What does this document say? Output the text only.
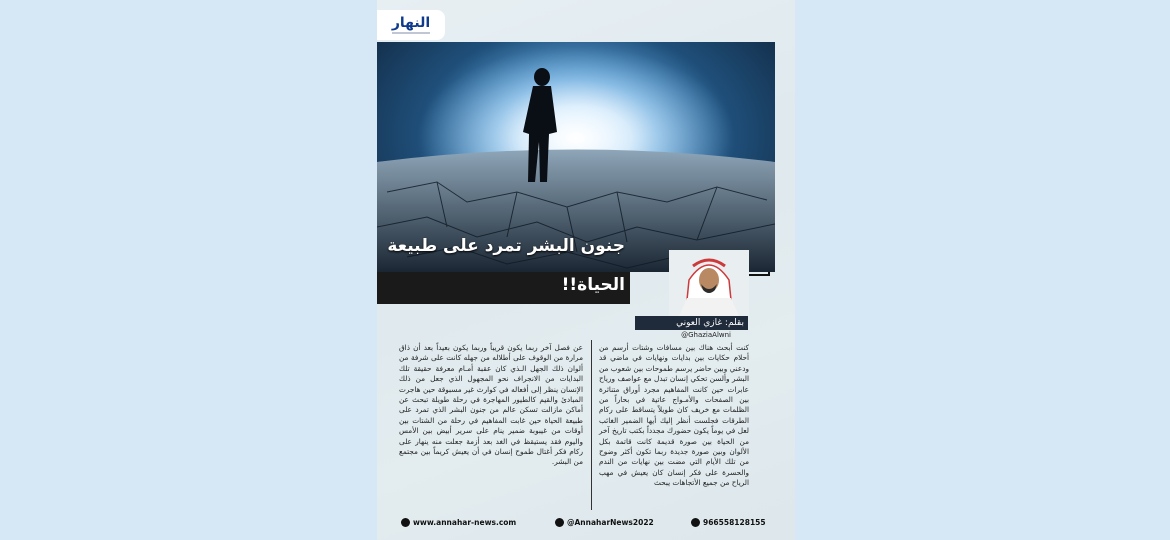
النهار
جنون البشر تمرد على طبيعة
الحياة!!
بقلم: غازي العوني
@GhaziaAlwni
كنت أبحث هناك بين مسافات وشتات أرسم من أحلام حكايات بين بدايات ونهايات في ماضي قد ودعني وبين حاضر يرسم طموحات بين شعوب من البشر وألسن تحكي إنسان تبدل مع عواصف ورياح عابرات حين كانت المفاهيم مجرد أوراق متناثرة بين الصفحات والأمـواج عاتية في بحاراً من الظلمات مع خريف كان طويلاً يتساقط على ركام الطرقات فجلست أنظر إليك أيها الضمير الغائب لعل في يوماً يكون حضورك مجدداً بكتب تاريخ آخر من الحياة بين صورة قديمة كانت قاتمة بكل الألوان وبين صورة جديدة ربما تكون أكثر وضوح من تلك الأيام التي مضت بين نهايات من الندم والحسرة على فكر إنسان كان يعيش في مهب الرياح من جميع الأتجاهات يبحث
عن فصل آخر ربما يكون قريباً وربما يكون بعيداً بعد أن ذاق مرارة من الوقوف على أطلاله من جهله كانت على شرفة من ألوان ذلك الجهل الـذي كان عقبة أمـام معرفة حقيقة تلك البدايات من الانجراف نحو المجهول الذي جعل من ذلك الإنسان ينظر إلى أفعاله في كوارث غير مسبوقة حين هاجرت المبادئ والقيم كالطيور المهاجرة في رحلة طويلة تبحث عن أماكن مازالت تسكن عالم من جنون البشر الذي تمرد على طبيعة الحياة حين غابت المفاهيم في رحلة من الشتات بين أوقات من غيبوبة ضمير ينام على سرير أبيض بين الأمس واليوم فقد يستيقظ في الغد بعد أزمة جعلت منه ينهار على ركام فكر أغتال طموح إنسان في أن يعيش كريماً بين مجتمع من البشر.
www.annahar-news.com	@AnnaharNews2022	966558128155
